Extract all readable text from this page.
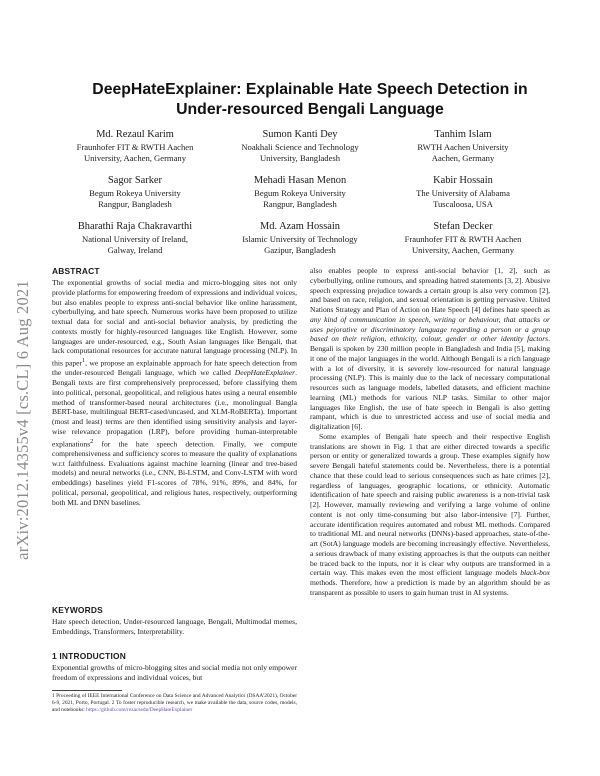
arXiv:2012.14355v4 [cs.CL] 6 Aug 2021
DeepHateExplainer: Explainable Hate Speech Detection in
Under-resourced Bengali Language
Md. Rezaul Karim
Fraunhofer FIT & RWTH Aachen
University, Aachen, Germany
Sumon Kanti Dey
Noakhali Science and Technology
University, Bangladesh
Tanhim Islam
RWTH Aachen University
Aachen, Germany
Sagor Sarker
Begum Rokeya University
Rangpur, Bangladesh
Mehadi Hasan Menon
Begum Rokeya University
Rangpur, Bangladesh
Kabir Hossain
The University of Alabama
Tuscaloosa, USA
Bharathi Raja Chakravarthi
National University of Ireland,
Galway, Ireland
Md. Azam Hossain
Islamic University of Technology
Gazipur, Bangladesh
Stefan Decker
Fraunhofer FIT & RWTH Aachen
University, Aachen, Germany
ABSTRACT

The exponential growths of social media and micro-blogging sites not only provide platforms for empowering freedom of expressions and individual voices, but also enables people to express anti-social behavior like online harassment, cyberbullying, and hate speech. Numerous works have been proposed to utilize textual data for social and anti-social behavior analysis, by predicting the contexts mostly for highly-resourced languages like English. However, some languages are under-resourced, e.g., South Asian languages like Bengali, that lack computational resources for accurate natural language processing (NLP). In this paper$^1$, we propose an explainable approach for hate speech detection from the under-resourced Bengali language, which we called DeepHateExplainer. Bengali texts are first comprehensively preprocessed, before classifying them into political, personal, geopolitical, and religious hates using a neural ensemble method of transformer-based neural architectures (i.e., monolingual Bangla BERT-base, multilingual BERT-cased/uncased, and XLM-RoBERTa). Important (most and least) terms are then identified using sensitivity analysis and layer-wise relevance propagation (LRP), before providing human-interpretable explanations$^2$ for the hate speech detection. Finally, we compute comprehensiveness and sufficiency scores to measure the quality of explanations w.r.t faithfulness. Evaluations against machine learning (linear and tree-based models) and neural networks (i.e., CNN, Bi-LSTM, and Conv-LSTM with word embeddings) baselines yield F1-scores of 78%, 91%, 89%, and 84%, for political, personal, geopolitical, and religious hates, respectively, outperforming both ML and DNN baselines.

KEYWORDS

Hate speech detection, Under-resourced language, Bengali, Multimodal memes, Embeddings, Transformers, Interpretability.

1 INTRODUCTION

Exponential growths of micro-blogging sites and social media not only empower freedom of expressions and individual voices, but

1 Proceeding of IEEE International Conference on Data Science and Advanced Analytics (DSAA'2021), October 6-9, 2021, Porto, Portugal. 2 To foster reproducible research, we make available the data, source codes, models, and notebooks: https://github.com/rezacsedu/DeepHateExplainer

also enables people to express anti-social behavior [1, 2], such as cyberbullying, online rumours, and spreading hatred statements [3, 2]. Abusive speech expressing prejudice towards a certain group is also very common [2], and based on race, religion, and sexual orientation is getting pervasive. United Nations Strategy and Plan of Action on Hate Speech [4] defines hate speech as any kind of communication in speech, writing or behaviour, that attacks or uses pejorative or discriminatory language regarding a person or a group based on their religion, ethnicity, colour, gender or other identity factors. Bengali is spoken by 230 million people in Bangladesh and India [5], making it one of the major languages in the world. Although Bengali is a rich language with a lot of diversity, it is severely low-resourced for natural language processing (NLP). This is mainly due to the lack of necessary computational resources such as language models, labelled datasets, and efficient machine learning (ML) methods for various NLP tasks. Similar to other major languages like English, the use of hate speech in Bengali is also getting rampant, which is due to unrestricted access and use of social media and digitalization [6].

Some examples of Bengali hate speech and their respective English translations are shown in Fig. 1 that are either directed towards a specific person or entity or generalized towards a group. These examples signify how severe Bengali hateful statements could be. Nevertheless, there is a potential chance that these could lead to serious consequences such as hate crimes [2], regardless of languages, geographic locations, or ethnicity. Automatic identification of hate speech and raising public awareness is a non-trivial task [2]. However, manually reviewing and verifying a large volume of online content is not only time-consuming but also labor-intensive [7]. Further, accurate identification requires automated and robust ML methods. Compared to traditional ML and neural networks (DNNs)-based approaches, state-of-the-art (SotA) language models are becoming increasingly effective. Nevertheless, a serious drawback of many existing approaches is that the outputs can neither be traced back to the inputs, nor it is clear why outputs are transformed in a certain way. This makes even the most efficient language models black-box methods. Therefore, how a prediction is made by an algorithm should be as transparent as possible to users to gain human trust in AI systems.
